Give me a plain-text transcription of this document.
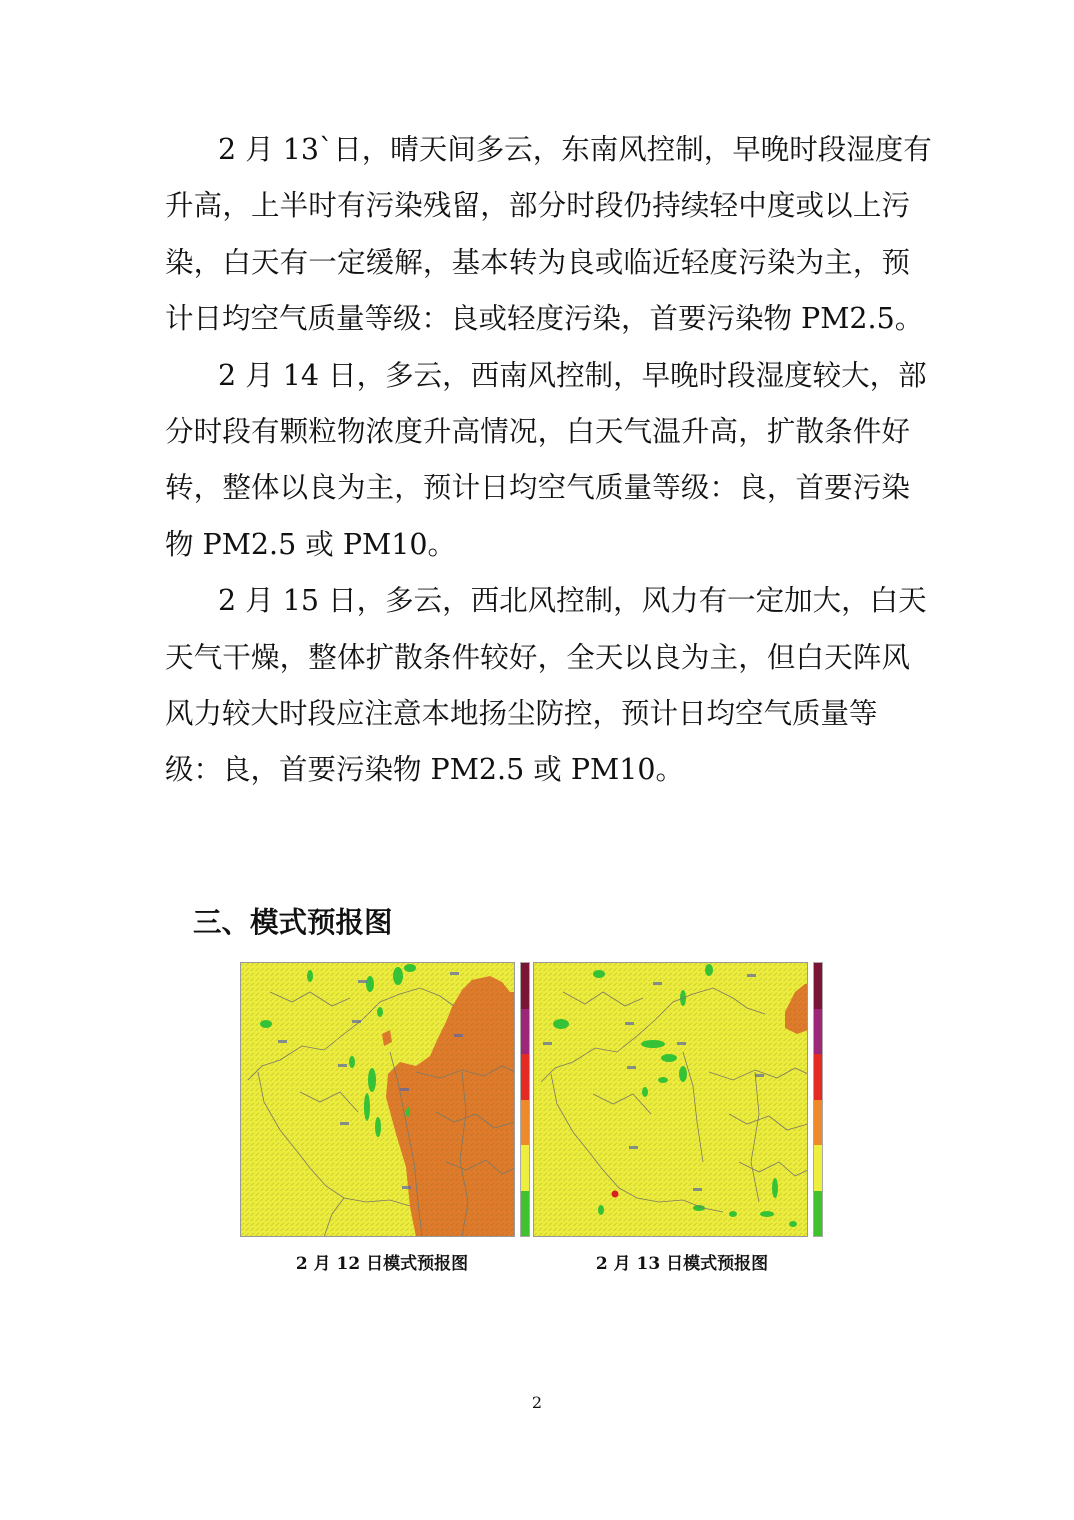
2 月 13`日，晴天间多云，东南风控制，早晚时段湿度有
升高，上半时有污染残留，部分时段仍持续轻中度或以上污
染，白天有一定缓解，基本转为良或临近轻度污染为主，预
计日均空气质量等级：良或轻度污染，首要污染物 PM2.5。
2 月 14 日，多云，西南风控制，早晚时段湿度较大，部
分时段有颗粒物浓度升高情况，白天气温升高，扩散条件好
转，整体以良为主，预计日均空气质量等级：良，首要污染
物 PM2.5 或 PM10。
2 月 15 日，多云，西北风控制，风力有一定加大，白天
天气干燥，整体扩散条件较好，全天以良为主，但白天阵风
风力较大时段应注意本地扬尘防控，预计日均空气质量等
级：良，首要污染物 PM2.5 或 PM10。
三、模式预报图
2 月 12 日模式预报图	2 月 13 日模式预报图
2
